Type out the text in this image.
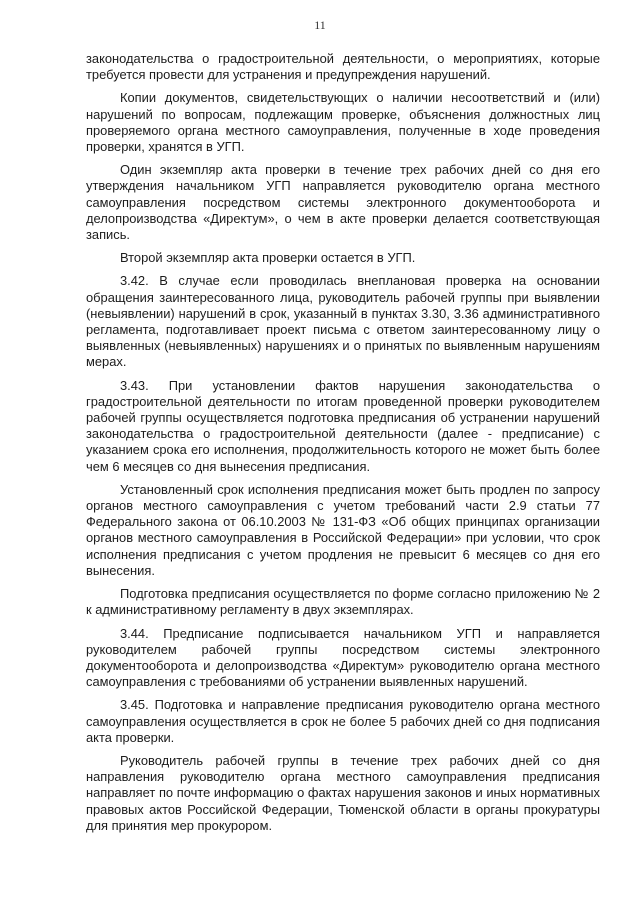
11

законодательства о градостроительной деятельности, о мероприятиях, которые требуется провести для устранения и предупреждения нарушений.

Копии документов, свидетельствующих о наличии несоответствий и (или) нарушений по вопросам, подлежащим проверке, объяснения должностных лиц проверяемого органа местного самоуправления, полученные в ходе проведения проверки, хранятся в УГП.

Один экземпляр акта проверки в течение трех рабочих дней со дня его утверждения начальником УГП направляется руководителю органа местного самоуправления посредством системы электронного документооборота и делопроизводства «Директум», о чем в акте проверки делается соответствующая запись.

Второй экземпляр акта проверки остается в УГП.

3.42. В случае если проводилась внеплановая проверка на основании обращения заинтересованного лица, руководитель рабочей группы при выявлении (невыявлении) нарушений в срок, указанный в пунктах 3.30, 3.36 административного регламента, подготавливает проект письма с ответом заинтересованному лицу о выявленных (невыявленных) нарушениях и о принятых по выявленным нарушениям мерах.

3.43. При установлении фактов нарушения законодательства о градостроительной деятельности по итогам проведенной проверки руководителем рабочей группы осуществляется подготовка предписания об устранении нарушений законодательства о градостроительной деятельности (далее - предписание) с указанием срока его исполнения, продолжительность которого не может быть более чем 6 месяцев со дня вынесения предписания.

Установленный срок исполнения предписания может быть продлен по запросу органов местного самоуправления с учетом требований части 2.9 статьи 77 Федерального закона от 06.10.2003 № 131-ФЗ «Об общих принципах организации органов местного самоуправления в Российской Федерации» при условии, что срок исполнения предписания с учетом продления не превысит 6 месяцев со дня его вынесения.

Подготовка предписания осуществляется по форме согласно приложению № 2 к административному регламенту в двух экземплярах.

3.44. Предписание подписывается начальником УГП и направляется руководителем рабочей группы посредством системы электронного документооборота и делопроизводства «Директум» руководителю органа местного самоуправления с требованиями об устранении выявленных нарушений.

3.45. Подготовка и направление предписания руководителю органа местного самоуправления осуществляется в срок не более 5 рабочих дней со дня подписания акта проверки.

Руководитель рабочей группы в течение трех рабочих дней со дня направления руководителю органа местного самоуправления предписания направляет по почте информацию о фактах нарушения законов и иных нормативных правовых актов Российской Федерации, Тюменской области в органы прокуратуры для принятия мер прокурором.
